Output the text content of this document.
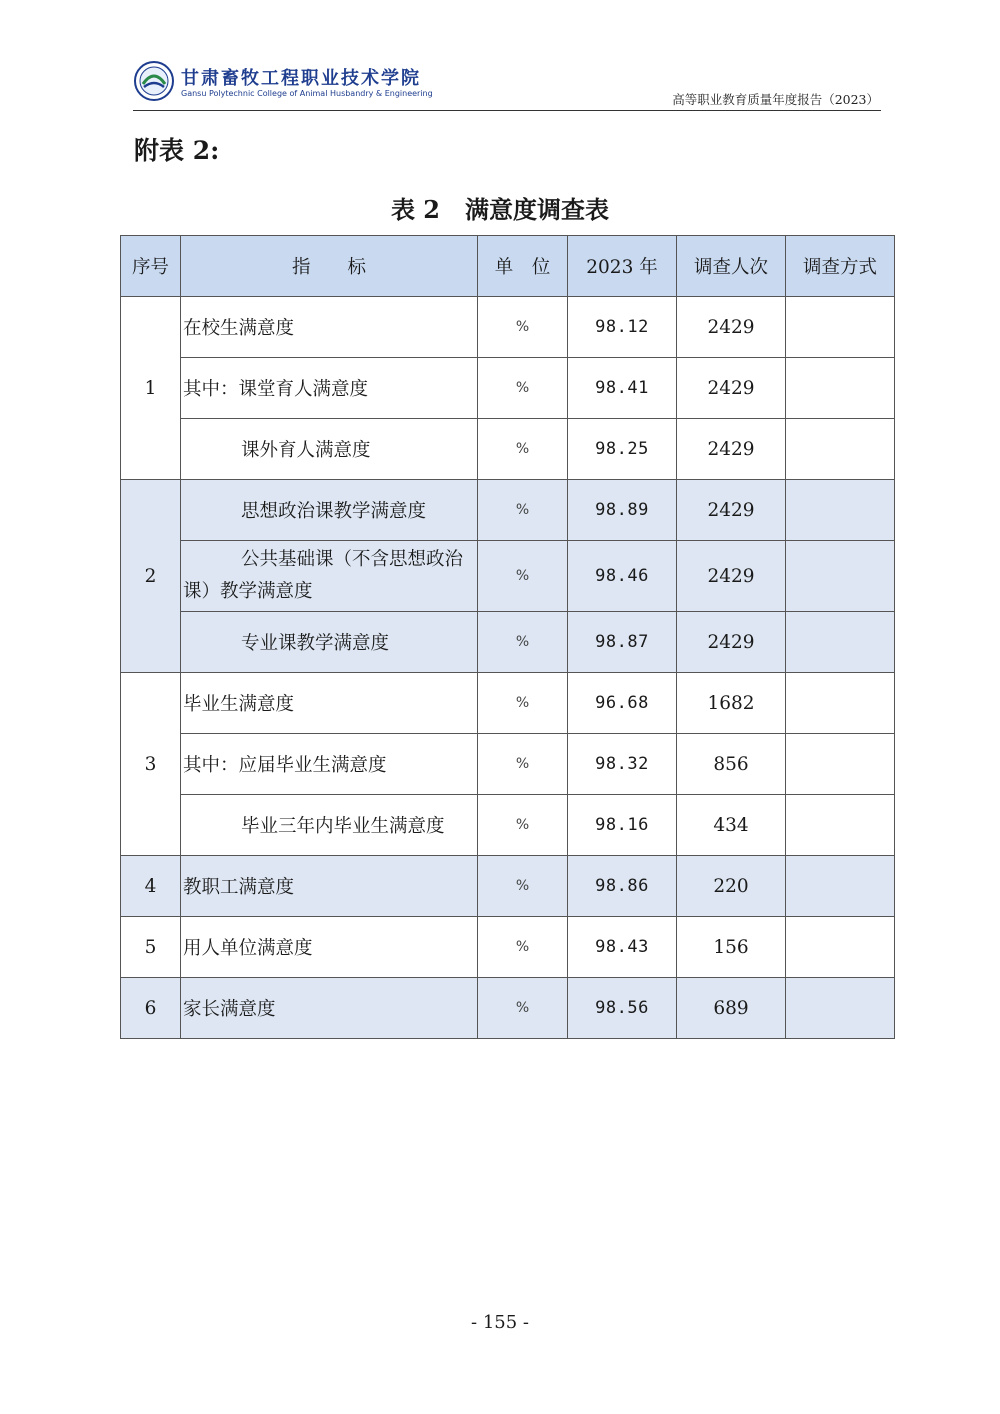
甘肃畜牧工程职业技术学院
Gansu Polytechnic College of Animal Husbandry & Engineering	高等职业教育质量年度报告（2023）
附表 2:
表 2   满意度调查表
序号	指　　标	单　位	2023 年	调查人次	调查方式
1	在校生满意度	%	98.12	2429	
	其中：课堂育人满意度	%	98.41	2429	
	课外育人满意度	%	98.25	2429	
2	思想政治课教学满意度	%	98.89	2429	
	公共基础课（不含思想政治
课）教学满意度	%	98.46	2429	
	专业课教学满意度	%	98.87	2429	
3	毕业生满意度	%	96.68	1682	
	其中：应届毕业生满意度	%	98.32	856	
	毕业三年内毕业生满意度	%	98.16	434	
4	教职工满意度	%	98.86	220	
5	用人单位满意度	%	98.43	156	
6	家长满意度	%	98.56	689	
- 155 -
